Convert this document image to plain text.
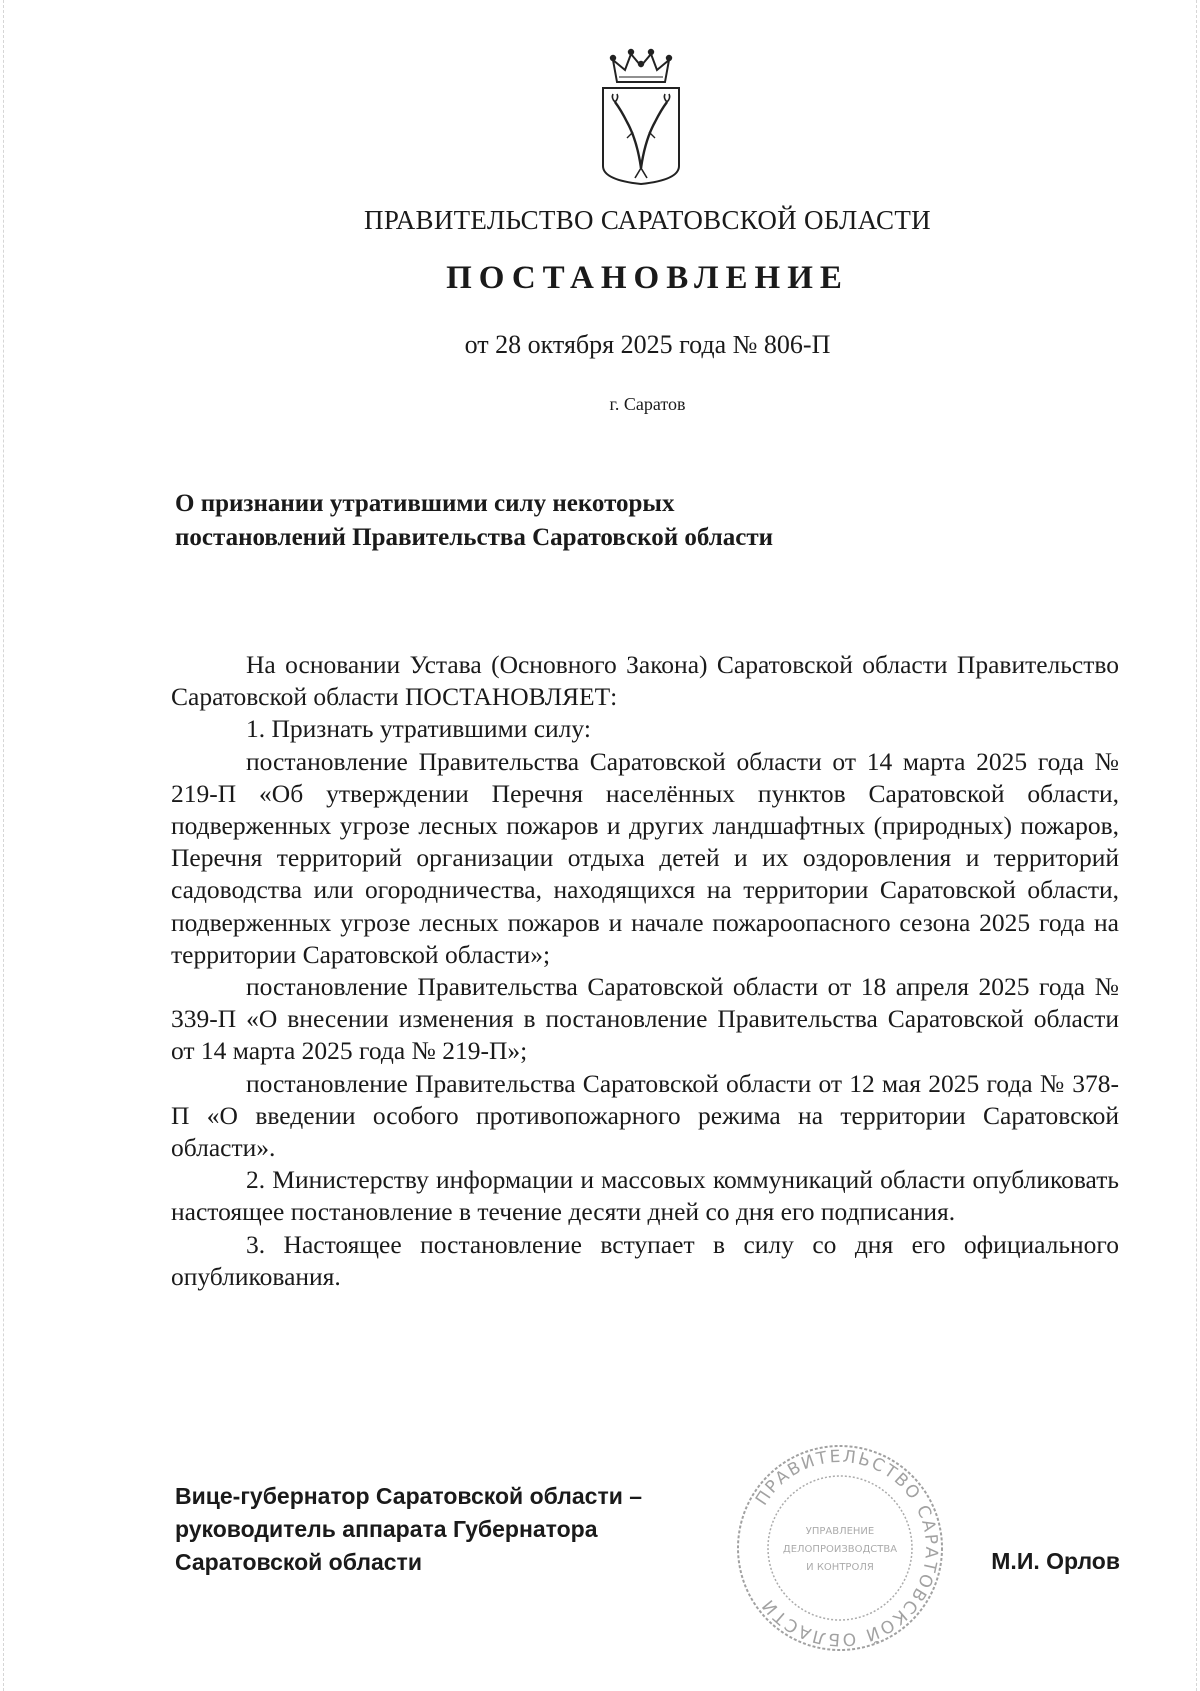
ПРАВИТЕЛЬСТВО САРАТОВСКОЙ ОБЛАСТИ
ПОСТАНОВЛЕНИЕ
от 28 октября 2025 года № 806-П
г. Саратов
О признании утратившими силу некоторых постановлений Правительства Саратовской области

На основании Устава (Основного Закона) Саратовской области Правительство Саратовской области ПОСТАНОВЛЯЕТ:

1. Признать утратившими силу:

постановление Правительства Саратовской области от 14 марта 2025 года № 219-П «Об утверждении Перечня населённых пунктов Саратовской области, подверженных угрозе лесных пожаров и других ландшафтных (природных) пожаров, Перечня территорий организации отдыха детей и их оздоровления и территорий садоводства или огородничества, находящихся на территории Саратовской области, подверженных угрозе лесных пожаров и начале пожароопасного сезона 2025 года на территории Саратовской области»;

постановление Правительства Саратовской области от 18 апреля 2025 года № 339-П «О внесении изменения в постановление Правительства Саратовской области от 14 марта 2025 года № 219-П»;

постановление Правительства Саратовской области от 12 мая 2025 года № 378-П «О введении особого противопожарного режима на территории Саратовской области».

2. Министерству информации и массовых коммуникаций области опубликовать настоящее постановление в течение десяти дней со дня его подписания.

3. Настоящее постановление вступает в силу со дня его официального опубликования.

ПРАВИТЕЛЬСТВО САРАТОВСКОЙ ОБЛАСТИ
УПРАВЛЕНИЕ
ДЕЛОПРОИЗВОДСТВА
И КОНТРОЛЯ
Вице-губернатор Саратовской области – руководитель аппарата Губернатора Саратовской области	М.И. Орлов
